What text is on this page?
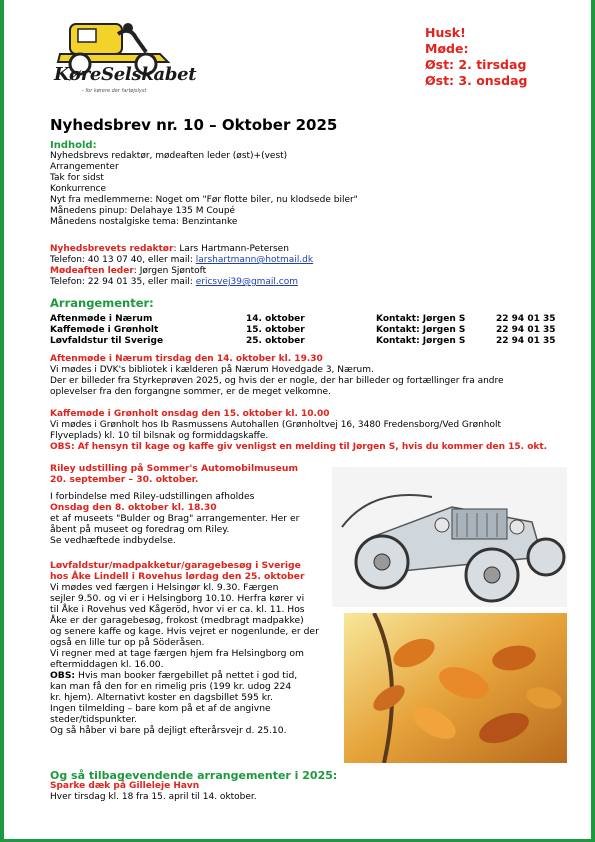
KøreSelskabet
- for kørere der fartøjslyst
Husk!
Møde:
Øst: 2. tirsdag
Øst: 3. onsdag
Nyhedsbrev nr. 10 – Oktober 2025
Indhold:
Nyhedsbrevs redaktør, mødeaften leder (øst)+(vest)
Arrangementer
Tak for sidst
Konkurrence
Nyt fra medlemmerne: Noget om "Før flotte biler, nu klodsede biler"
Månedens pinup: Delahaye 135 M Coupé
Månedens nostalgiske tema: Benzintanke
Nyhedsbrevets redaktør: Lars Hartmann-Petersen
Telefon: 40 13 07 40, eller mail: larshartmann@hotmail.dk
Mødeaften leder: Jørgen Sjøntoft
Telefon: 22 94 01 35, eller mail: ericsvej39@gmail.com
Arrangementer:
Aftenmøde i Nærum	14. oktober	Kontakt: Jørgen S	22 94 01 35
Kaffemøde i Grønholt	15. oktober	Kontakt: Jørgen S	22 94 01 35
Løvfaldstur til Sverige	25. oktober	Kontakt: Jørgen S	22 94 01 35
Aftenmøde i Nærum tirsdag den 14. oktober kl. 19.30
Vi mødes i DVK's bibliotek i kælderen på Nærum Hovedgade 3, Nærum.
Der er billeder fra Styrkeprøven 2025, og hvis der er nogle, der har billeder og fortællinger fra andre
oplevelser fra den forgangne sommer, er de meget velkomne.
Kaffemøde i Grønholt onsdag den 15. oktober kl. 10.00
Vi mødes i Grønholt hos Ib Rasmussens Autohallen (Grønholtvej 16, 3480 Fredensborg/Ved Grønholt
Flyveplads) kl. 10 til bilsnak og formiddagskaffe.
OBS: Af hensyn til kage og kaffe giv venligst en melding til Jørgen S, hvis du kommer den 15. okt.
Riley udstilling på Sommer's Automobilmuseum
20. september – 30. oktober.
I forbindelse med Riley-udstillingen afholdes
Onsdag den 8. oktober kl. 18.30
et af museets "Bulder og Brag" arrangementer. Her er
åbent på museet og foredrag om Riley.
Se vedhæftede indbydelse.
Løvfaldstur/madpakketur/garagebesøg i Sverige
hos Åke Lindell i Rovehus lørdag den 25. oktober
Vi mødes ved færgen i Helsingør kl. 9.30. Færgen
sejler 9.50. og vi er i Helsingborg 10.10. Herfra kører vi
til Åke i Rovehus ved Kågeröd, hvor vi er ca. kl. 11. Hos
Åke er der garagebesøg, frokost (medbragt madpakke)
og senere kaffe og kage. Hvis vejret er nogenlunde, er der
også en lille tur op på Söderåsen.
Vi regner med at tage færgen hjem fra Helsingborg om
eftermiddagen kl. 16.00.
OBS: Hvis man booker færgebillet på nettet i god tid,
kan man få den for en rimelig pris (199 kr. udog 224
kr. hjem). Alternativt koster en dagsbillet 595 kr.
Ingen tilmelding – bare kom på et af de angivne
steder/tidspunkter.
Og så håber vi bare på dejligt efterårsvejr d. 25.10.
Og så tilbagevendende arrangementer i 2025:
Sparke dæk på Gilleleje Havn
Hver tirsdag kl. 18 fra 15. april til 14. oktober.
